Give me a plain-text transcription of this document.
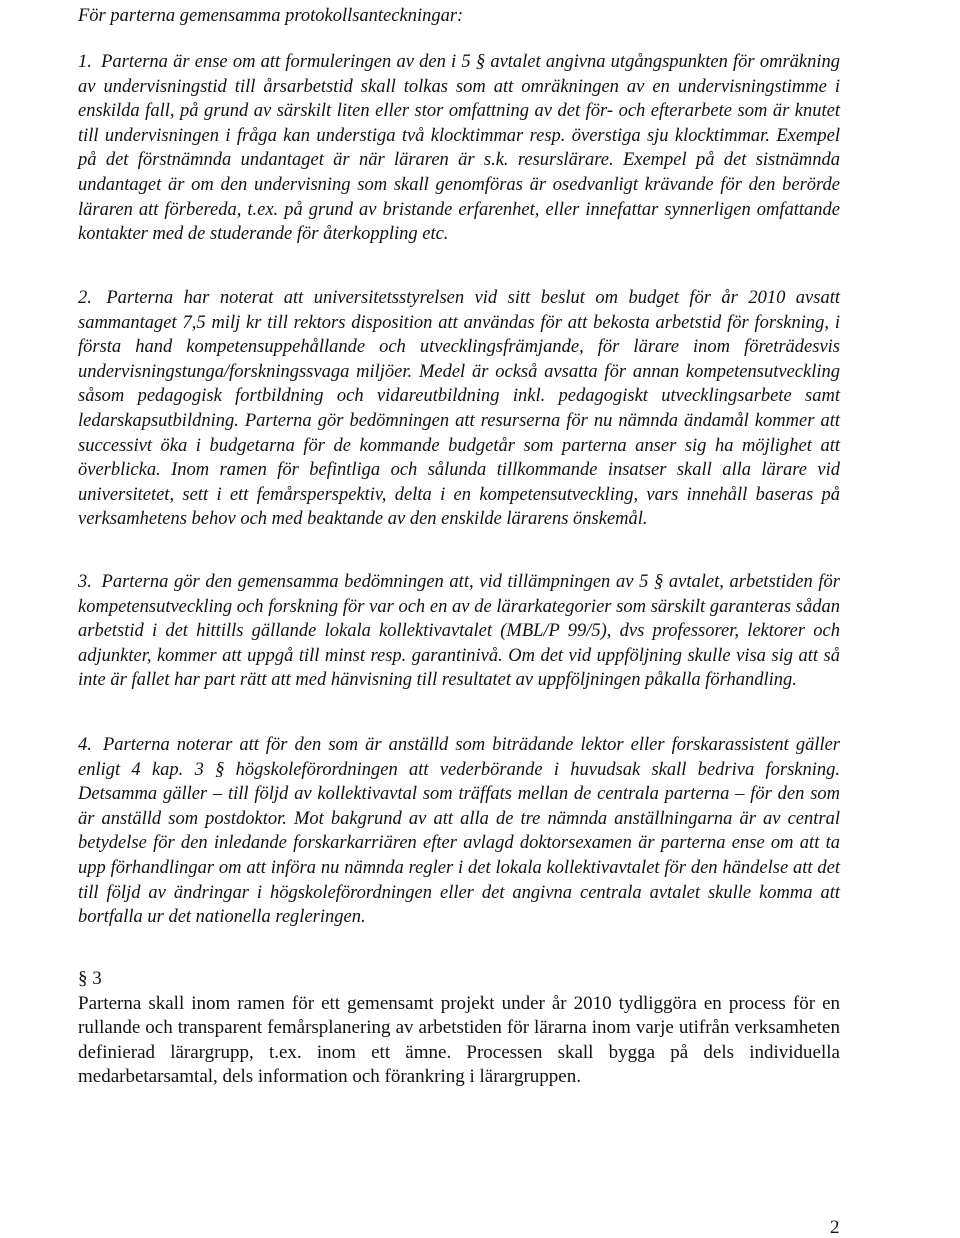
För parterna gemensamma protokollsanteckningar:

1. Parterna är ense om att formuleringen av den i 5 § avtalet angivna utgångspunkten för omräkning av undervisningstid till årsarbetstid skall tolkas som att omräkningen av en undervisningstimme i enskilda fall, på grund av särskilt liten eller stor omfattning av det för- och efterarbete som är knutet till undervisningen i fråga kan understiga två klocktimmar resp. överstiga sju klocktimmar. Exempel på det förstnämnda undantaget är när läraren är s.k. resurslärare. Exempel på det sistnämnda undantaget är om den undervisning som skall genomföras är osedvanligt krävande för den berörde läraren att förbereda, t.ex. på grund av bristande erfarenhet, eller innefattar synnerligen omfattande kontakter med de studerande för återkoppling etc.

2. Parterna har noterat att universitetsstyrelsen vid sitt beslut om budget för år 2010 avsatt sammantaget 7,5 milj kr till rektors disposition att användas för att bekosta arbetstid för forskning, i första hand kompetensuppehållande och utvecklingsfrämjande, för lärare inom företrädesvis undervisningstunga/forskningssvaga miljöer. Medel är också avsatta för annan kompetensutveckling såsom pedagogisk fortbildning och vidareutbildning inkl. pedagogiskt utvecklingsarbete samt ledarskapsutbildning. Parterna gör bedömningen att resurserna för nu nämnda ändamål kommer att successivt öka i budgetarna för de kommande budgetår som parterna anser sig ha möjlighet att överblicka. Inom ramen för befintliga och sålunda tillkommande insatser skall alla lärare vid universitetet, sett i ett femårsperspektiv, delta i en kompetensutveckling, vars innehåll baseras på verksamhetens behov och med beaktande av den enskilde lärarens önskemål.

3. Parterna gör den gemensamma bedömningen att, vid tillämpningen av 5 § avtalet, arbetstiden för kompetensutveckling och forskning för var och en av de lärarkategorier som särskilt garanteras sådan arbetstid i det hittills gällande lokala kollektivavtalet (MBL/P 99/5), dvs professorer, lektorer och adjunkter, kommer att uppgå till minst resp. garantinivå. Om det vid uppföljning skulle visa sig att så inte är fallet har part rätt att med hänvisning till resultatet av uppföljningen påkalla förhandling.

4. Parterna noterar att för den som är anställd som biträdande lektor eller forskarassistent gäller enligt 4 kap. 3 § högskoleförordningen att vederbörande i huvudsak skall bedriva forskning. Detsamma gäller – till följd av kollektivavtal som träffats mellan de centrala parterna – för den som är anställd som postdoktor. Mot bakgrund av att alla de tre nämnda anställningarna är av central betydelse för den inledande forskarkarriären efter avlagd doktorsexamen är parterna ense om att ta upp förhandlingar om att införa nu nämnda regler i det lokala kollektivavtalet för den händelse att det till följd av ändringar i högskoleförordningen eller det angivna centrala avtalet skulle komma att bortfalla ur det nationella regleringen.

§ 3

Parterna skall inom ramen för ett gemensamt projekt under år 2010 tydliggöra en process för en rullande och transparent femårsplanering av arbetstiden för lärarna inom varje utifrån verksamheten definierad lärargrupp, t.ex. inom ett ämne. Processen skall bygga på dels individuella medarbetarsamtal, dels information och förankring i lärargruppen.

2
